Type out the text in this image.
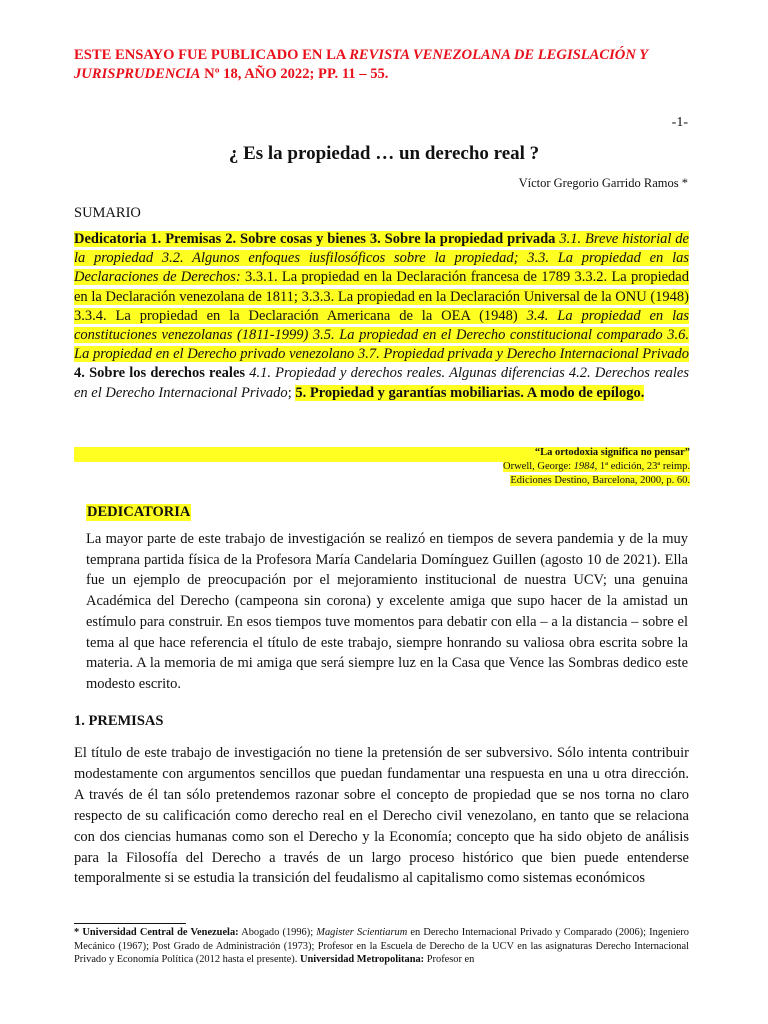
ESTE ENSAYO FUE PUBLICADO EN LA REVISTA VENEZOLANA DE LEGISLACIÓN Y JURISPRUDENCIA Nº 18, AÑO 2022; PP. 11 – 55.
-1-
¿ Es la propiedad … un derecho real ?
Víctor Gregorio Garrido Ramos *
SUMARIO
Dedicatoria 1. Premisas 2. Sobre cosas y bienes 3. Sobre la propiedad privada 3.1. Breve historial de la propiedad 3.2. Algunos enfoques iusfilosóficos sobre la propiedad; 3.3. La propiedad en las Declaraciones de Derechos: 3.3.1. La propiedad en la Declaración francesa de 1789 3.3.2. La propiedad en la Declaración venezolana de 1811; 3.3.3. La propiedad en la Declaración Universal de la ONU (1948) 3.3.4. La propiedad en la Declaración Americana de la OEA (1948) 3.4. La propiedad en las constituciones venezolanas (1811-1999) 3.5. La propiedad en el Derecho constitucional comparado 3.6. La propiedad en el Derecho privado venezolano 3.7. Propiedad privada y Derecho Internacional Privado 4. Sobre los derechos reales 4.1. Propiedad y derechos reales. Algunas diferencias 4.2. Derechos reales en el Derecho Internacional Privado; 5. Propiedad y garantías mobiliarias. A modo de epílogo.
“La ortodoxia significa no pensar”
Orwell, George: 1984, 1ª edición, 23ª reimp.
Ediciones Destino, Barcelona, 2000, p. 60.
DEDICATORIA
La mayor parte de este trabajo de investigación se realizó en tiempos de severa pandemia y de la muy temprana partida física de la Profesora María Candelaria Domínguez Guillen (agosto 10 de 2021). Ella fue un ejemplo de preocupación por el mejoramiento institucional de nuestra UCV; una genuina Académica del Derecho (campeona sin corona) y excelente amiga que supo hacer de la amistad un estímulo para construir. En esos tiempos tuve momentos para debatir con ella – a la distancia – sobre el tema al que hace referencia el título de este trabajo, siempre honrando su valiosa obra escrita sobre la materia. A la memoria de mi amiga que será siempre luz en la Casa que Vence las Sombras dedico este modesto escrito.
1. PREMISAS
El título de este trabajo de investigación no tiene la pretensión de ser subversivo. Sólo intenta contribuir modestamente con argumentos sencillos que puedan fundamentar una respuesta en una u otra dirección. A través de él tan sólo pretendemos razonar sobre el concepto de propiedad que se nos torna no claro respecto de su calificación como derecho real en el Derecho civil venezolano, en tanto que se relaciona con dos ciencias humanas como son el Derecho y la Economía; concepto que ha sido objeto de análisis para la Filosofía del Derecho a través de un largo proceso histórico que bien puede entenderse temporalmente si se estudia la transición del feudalismo al capitalismo como sistemas económicos
* Universidad Central de Venezuela: Abogado (1996); Magister Scientiarum en Derecho Internacional Privado y Comparado (2006); Ingeniero Mecánico (1967); Post Grado de Administración (1973); Profesor en la Escuela de Derecho de la UCV en las asignaturas Derecho Internacional Privado y Economía Política (2012 hasta el presente). Universidad Metropolitana: Profesor en
